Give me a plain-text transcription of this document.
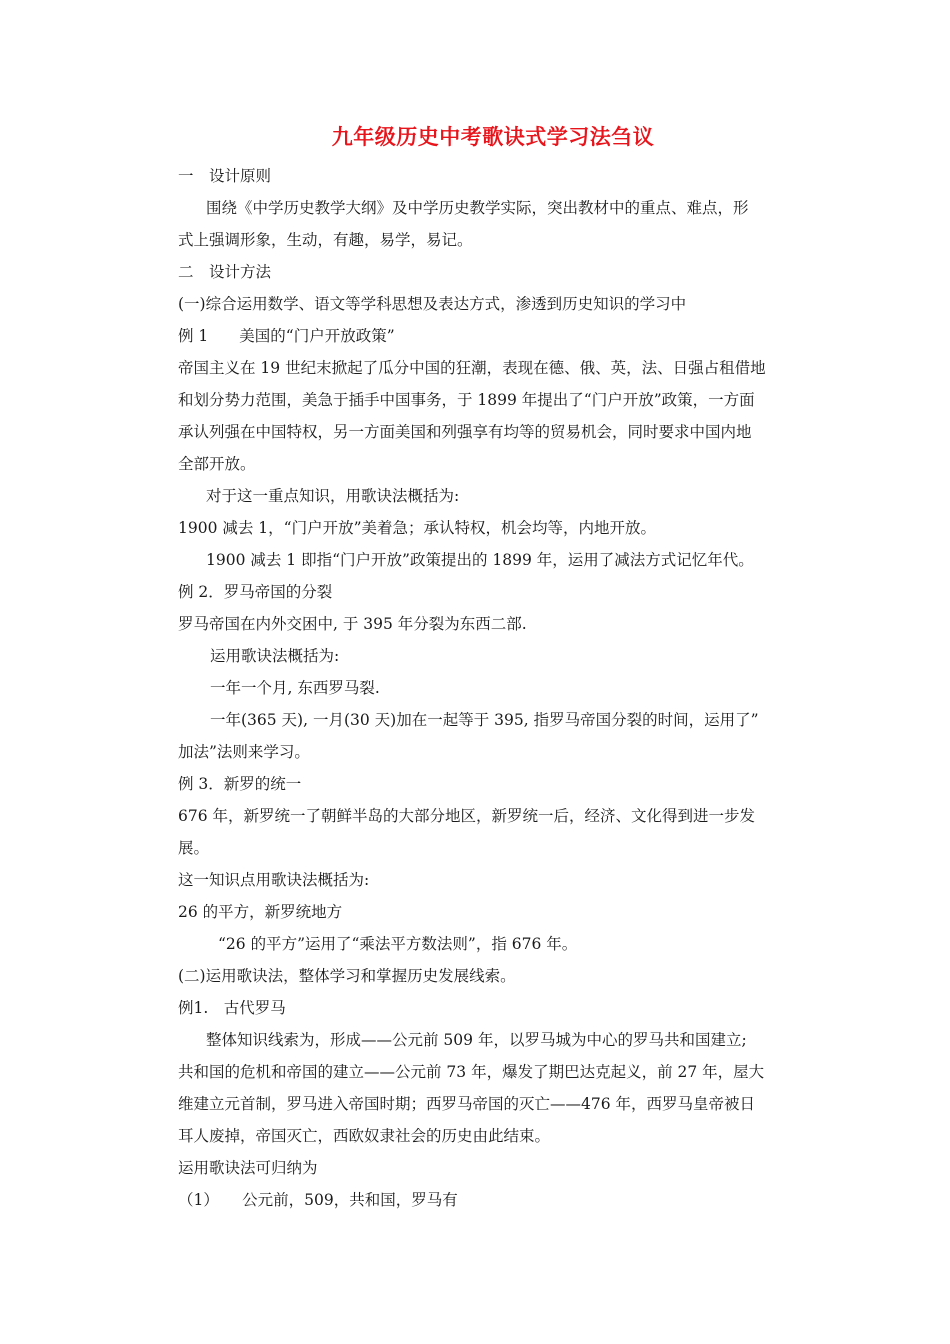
九年级历史中考歌诀式学习法刍议
一　设计原则
围绕《中学历史教学大纲》及中学历史教学实际，突出教材中的重点、难点，形
式上强调形象，生动，有趣，易学，易记。
二　设计方法
(一)综合运用数学、语文等学科思想及表达方式，渗透到历史知识的学习中
例 1　　美国的“门户开放政策”
帝国主义在 19 世纪末掀起了瓜分中国的狂潮，表现在德、俄、英，法、日强占租借地
和划分势力范围，美急于插手中国事务，于 1899 年提出了“门户开放”政策，一方面
承认列强在中国特权，另一方面美国和列强享有均等的贸易机会，同时要求中国内地
全部开放。
对于这一重点知识，用歌诀法概括为:
1900 减去 1，“门户开放”美着急；承认特权，机会均等，内地开放。
1900 减去 1 即指“门户开放”政策提出的 1899 年，运用了减法方式记忆年代。
例 2．罗马帝国的分裂
罗马帝国在内外交困中, 于 395 年分裂为东西二部.
运用歌诀法概括为:
一年一个月, 东西罗马裂.
一年(365 天), 一月(30 天)加在一起等于 395, 指罗马帝国分裂的时间，运用了”
加法”法则来学习。
例 3．新罗的统一
676 年，新罗统一了朝鲜半岛的大部分地区，新罗统一后，经济、文化得到进一步发
展。
这一知识点用歌诀法概括为:
26 的平方，新罗统地方
“26 的平方”运用了“乘法平方数法则”，指 676 年。
(二)运用歌诀法，整体学习和掌握历史发展线索。
例1.　古代罗马
整体知识线索为，形成——公元前 509 年，以罗马城为中心的罗马共和国建立;
共和国的危机和帝国的建立——公元前 73 年，爆发了期巴达克起义，前 27 年，屋大
维建立元首制，罗马进入帝国时期；西罗马帝国的灭亡——476 年，西罗马皇帝被日
耳人废掉，帝国灭亡，西欧奴隶社会的历史由此结束。
运用歌诀法可归纳为
（1）　　公元前，509，共和国，罗马有
